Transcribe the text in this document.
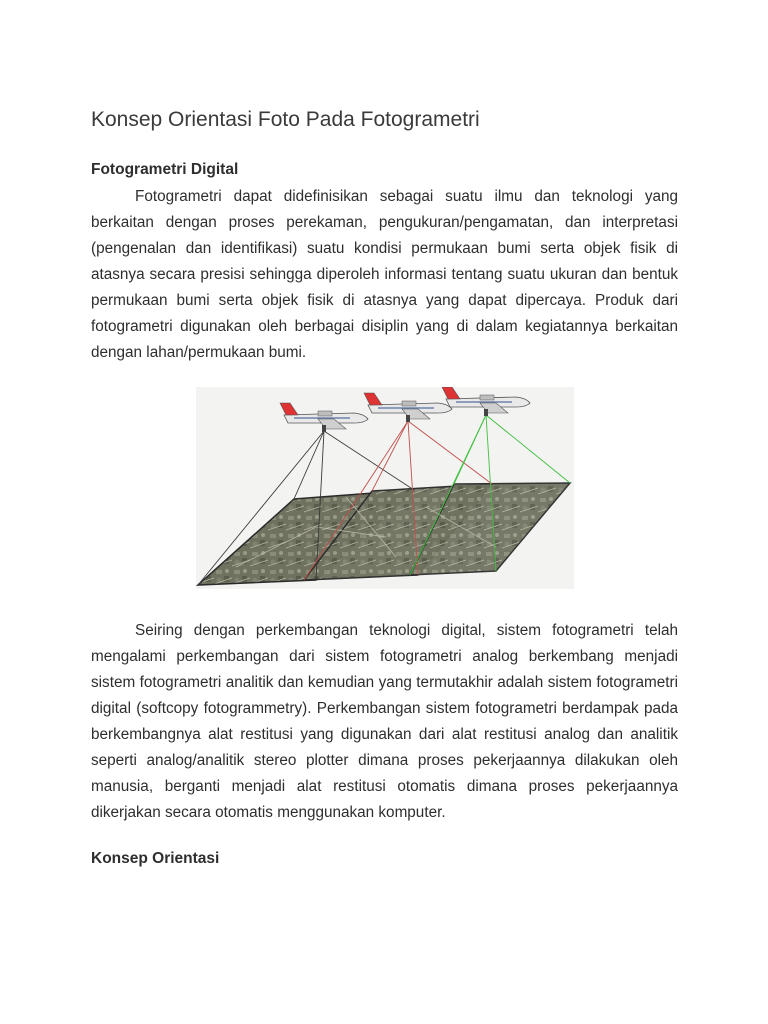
Konsep Orientasi Foto Pada Fotogrametri
Fotogrametri Digital

Fotogrametri dapat didefinisikan sebagai suatu ilmu dan teknologi yang berkaitan dengan proses perekaman, pengukuran/pengamatan, dan interpretasi (pengenalan dan identifikasi) suatu kondisi permukaan bumi serta objek fisik di atasnya secara presisi sehingga diperoleh informasi tentang suatu ukuran dan bentuk permukaan bumi serta objek fisik di atasnya yang dapat dipercaya. Produk dari fotogrametri digunakan oleh berbagai disiplin yang di dalam kegiatannya berkaitan dengan lahan/permukaan bumi.

Seiring dengan perkembangan teknologi digital, sistem fotogrametri telah mengalami perkembangan dari sistem fotogrametri analog berkembang menjadi sistem fotogrametri analitik dan kemudian yang termutakhir adalah sistem fotogrametri digital (softcopy fotogrammetry). Perkembangan sistem fotogrametri berdampak pada berkembangnya alat restitusi yang digunakan dari alat restitusi analog dan analitik seperti analog/analitik stereo plotter dimana proses pekerjaannya dilakukan oleh manusia, berganti menjadi alat restitusi otomatis dimana proses pekerjaannya dikerjakan secara otomatis menggunakan komputer.

Konsep Orientasi
